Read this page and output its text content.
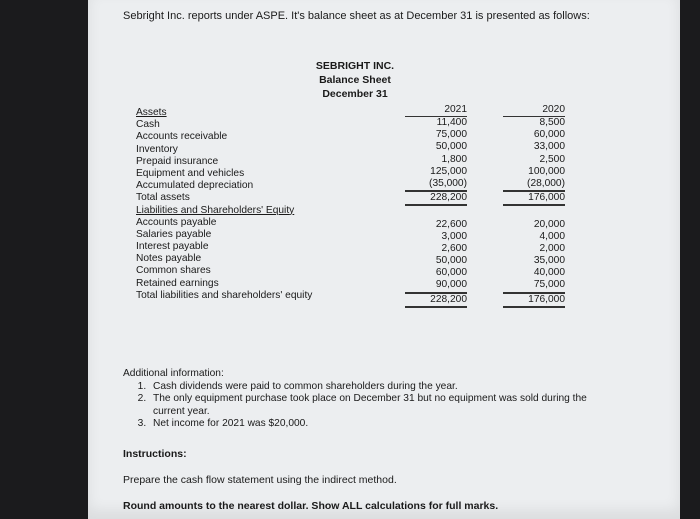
Sebright Inc. reports under ASPE. It's balance sheet as at December 31 is presented as follows:
SEBRIGHT INC.
Balance Sheet
December 31
Assets
Cash
Accounts receivable
Inventory
Prepaid insurance
Equipment and vehicles
Accumulated depreciation
Total assets
Liabilities and Shareholders' Equity
Accounts payable
Salaries payable
Interest payable
Notes payable
Common shares
Retained earnings
Total liabilities and shareholders' equity
2021
11,400
75,000
50,000
1,800
125,000
(35,000)
228,200
22,600
3,000
2,600
50,000
60,000
90,000
228,200
2020
8,500
60,000
33,000
2,500
100,000
(28,000)
176,000
20,000
4,000
2,000
35,000
40,000
75,000
176,000
Additional information:
1. Cash dividends were paid to common shareholders during the year.
2. The only equipment purchase took place on December 31 but no equipment was sold during the current year.
3. Net income for 2021 was $20,000.
Instructions:
Prepare the cash flow statement using the indirect method.
Round amounts to the nearest dollar. Show ALL calculations for full marks.
